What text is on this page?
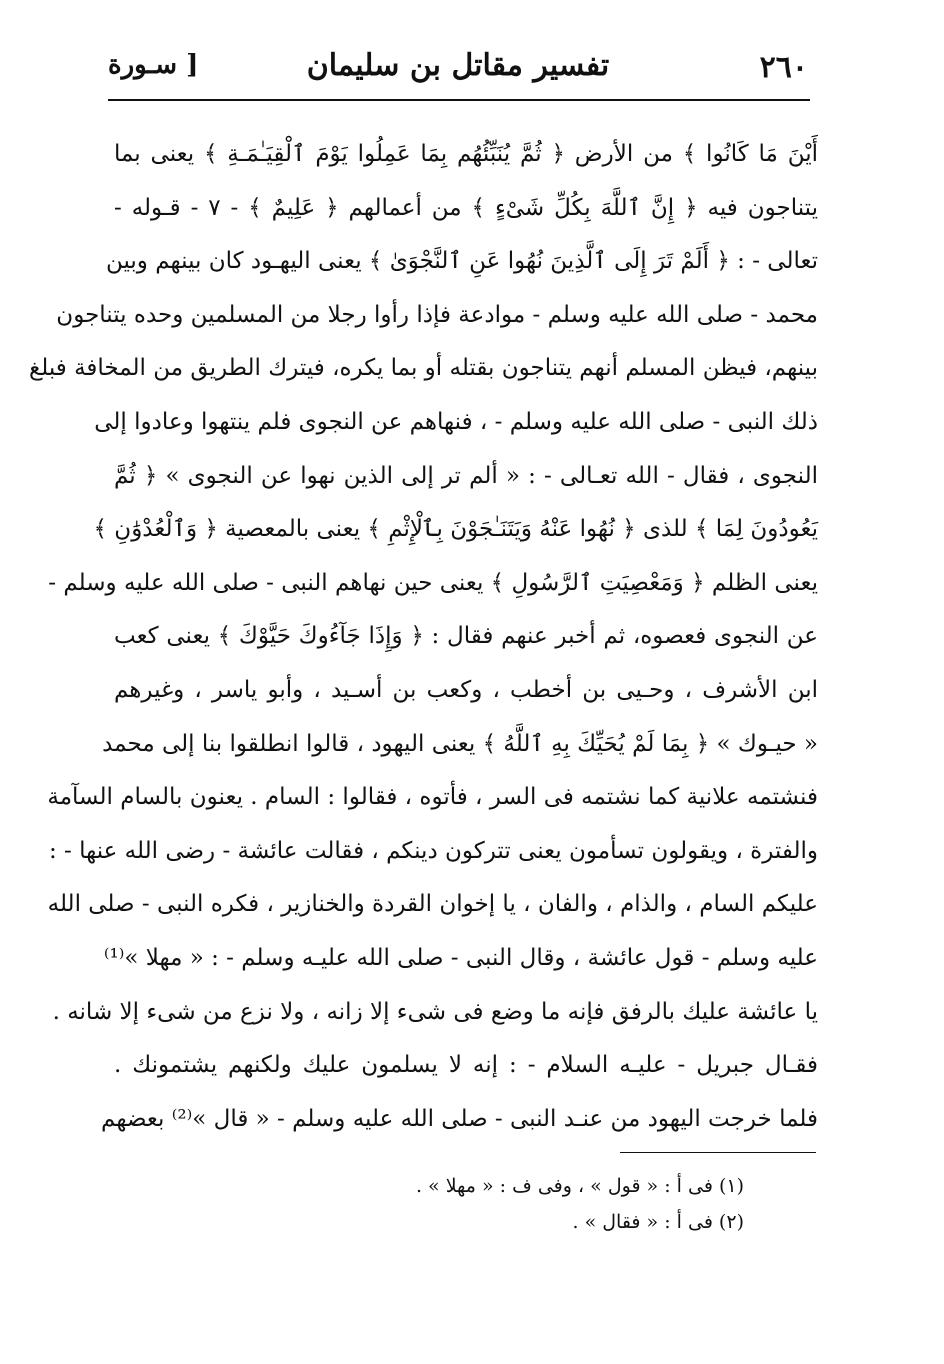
٢٦٠
تفسير مقاتل بن سليمان
[ سـورة
أَيْنَ مَا كَانُوا ﴾ من الأرض ﴿ ثُمَّ يُنَبِّئُهُم بِمَا عَمِلُوا يَوْمَ ٱلْقِيَـٰمَـةِ ﴾ يعنى بما
يتناجون فيه ﴿ إِنَّ ٱللَّهَ بِكُلِّ شَىْءٍ ﴾ من أعمالهم ﴿ عَلِيمٌ ﴾ - ٧ - قـوله -
تعالى - : ﴿ أَلَمْ تَرَ إِلَى ٱلَّذِينَ نُهُوا عَنِ ٱلنَّجْوَىٰ ﴾ يعنى اليهـود كان بينهم وبين
محمد - صلى الله عليه وسلم - موادعة فإذا رأوا رجلا من المسلمين وحده يتناجون
بينهم، فيظن المسلم أنهم يتناجون بقتله أو بما يكره، فيترك الطريق من المخافة فبلغ
ذلك النبى - صلى الله عليه وسلم - ، فنهاهم عن النجوى فلم ينتهوا وعادوا إلى
النجوى ، فقال - الله تعـالى - : « ألم تر إلى الذين نهوا عن النجوى » ﴿ ثُمَّ
يَعُودُونَ لِمَا ﴾ للذى ﴿ نُهُوا عَنْهُ وَيَتَنَـٰجَوْنَ بِٱلْإِثْمِ ﴾ يعنى بالمعصية ﴿ وَٱلْعُدْوَٰنِ ﴾
يعنى الظلم ﴿ وَمَعْصِيَتِ ٱلرَّسُولِ ﴾ يعنى حين نهاهم النبى - صلى الله عليه وسلم -
عن النجوى فعصوه، ثم أخبر عنهم فقال : ﴿ وَإِذَا جَآءُوكَ حَيَّوْكَ ﴾ يعنى كعب
ابن الأشرف ، وحـيى بن أخطب ، وكعب بن أسـيد ، وأبو ياسر ، وغيرهم
« حيـوك » ﴿ بِمَا لَمْ يُحَيِّكَ بِهِ ٱللَّهُ ﴾ يعنى اليهود ، قالوا انطلقوا بنا إلى محمد
فنشتمه علانية كما نشتمه فى السر ، فأتوه ، فقالوا : السام . يعنون بالسام السآمة
والفترة ، ويقولون تسأمون يعنى تتركون دينكم ، فقالت عائشة - رضى الله عنها - :
عليكم السام ، والذام ، والفان ، يا إخوان القردة والخنازير ، فكره النبى - صلى الله
عليه وسلم - قول عائشة ، وقال النبى - صلى الله عليـه وسلم - : « مهلا »⁽¹⁾
يا عائشة عليك بالرفق فإنه ما وضع فى شىء إلا زانه ، ولا نزع من شىء إلا شانه .
فقـال جبريل - عليـه السلام - : إنه لا يسلمون عليك ولكنهم يشتمونك .
فلما خرجت اليهود من عنـد النبى - صلى الله عليه وسلم - « قال »⁽²⁾ بعضهم
(١) فى أ : « قول » ، وفى ف : « مهلا » .
(٢) فى أ : « فقال » .
